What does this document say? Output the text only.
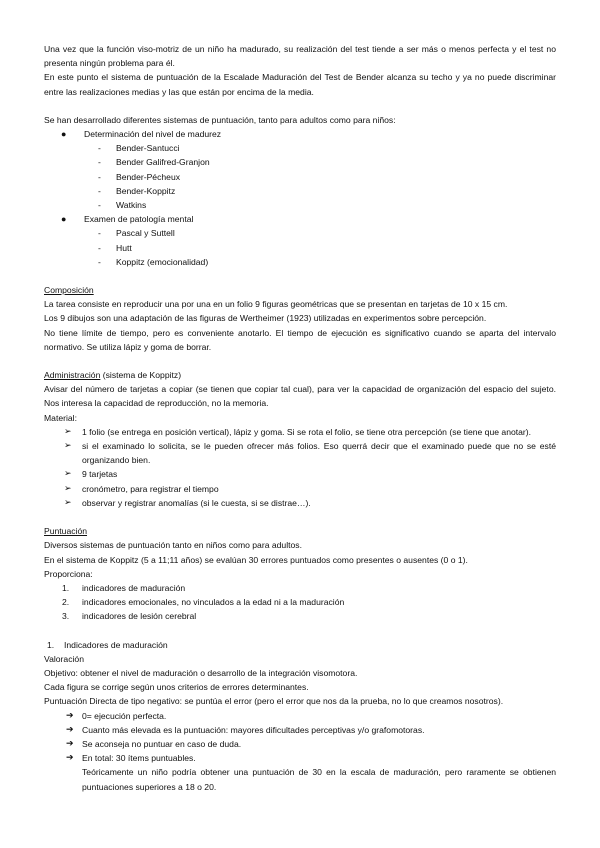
Una vez que la función viso-motriz de un niño ha madurado, su realización del test tiende a ser más o menos perfecta y el test no presenta ningún problema para él.

En este punto el sistema de puntuación de la Escalade Maduración del Test de Bender alcanza su techo y ya no puede discriminar entre las realizaciones medias y las que están por encima de la media.

Se han desarrollado diferentes sistemas de puntuación, tanto para adultos como para niños:

● Determinación del nivel de madurez
- Bender-Santucci
- Bender Galifred-Granjon
- Bender-Pécheux
- Bender-Koppitz
- Watkins
● Examen de patología mental
- Pascal y Suttell
- Hutt
- Koppitz (emocionalidad)

Composición

La tarea consiste en reproducir una por una en un folio 9 figuras geométricas que se presentan en tarjetas de 10 x 15 cm.

Los 9 dibujos son una adaptación de las figuras de Wertheimer (1923) utilizadas en experimentos sobre percepción.

No tiene límite de tiempo, pero es conveniente anotarlo. El tiempo de ejecución es significativo cuando se aparta del intervalo normativo. Se utiliza lápiz y goma de borrar.

Administración (sistema de Koppitz)

Avisar del número de tarjetas a copiar (se tienen que copiar tal cual), para ver la capacidad de organización del espacio del sujeto. Nos interesa la capacidad de reproducción, no la memoria.

Material:

➢ 1 folio (se entrega en posición vertical), lápiz y goma. Si se rota el folio, se tiene otra percepción (se tiene que anotar).
➢ si el examinado lo solicita, se le pueden ofrecer más folios. Eso querrá decir que el examinado puede que no se esté organizando bien.
➢ 9 tarjetas
➢ cronómetro, para registrar el tiempo
➢ observar y registrar anomalías (si le cuesta, si se distrae…).

Puntuación

Diversos sistemas de puntuación tanto en niños como para adultos.

En el sistema de Koppitz (5 a 11;11 años) se evalúan 30 errores puntuados como presentes o ausentes (0 o 1).

Proporciona:

1. indicadores de maduración
2. indicadores emocionales, no vinculados a la edad ni a la maduración
3. indicadores de lesión cerebral
1. Indicadores de maduración

Valoración

Objetivo: obtener el nivel de maduración o desarrollo de la integración visomotora.

Cada figura se corrige según unos criterios de errores determinantes.

Puntuación Directa de tipo negativo: se puntúa el error (pero el error que nos da la prueba, no lo que creamos nosotros).

➔ 0= ejecución perfecta.
➔ Cuanto más elevada es la puntuación: mayores dificultades perceptivas y/o grafomotoras.
➔ Se aconseja no puntuar en caso de duda.
➔ En total: 30 ítems puntuables.

Teóricamente un niño podría obtener una puntuación de 30 en la escala de maduración, pero raramente se obtienen puntuaciones superiores a 18 o 20.
